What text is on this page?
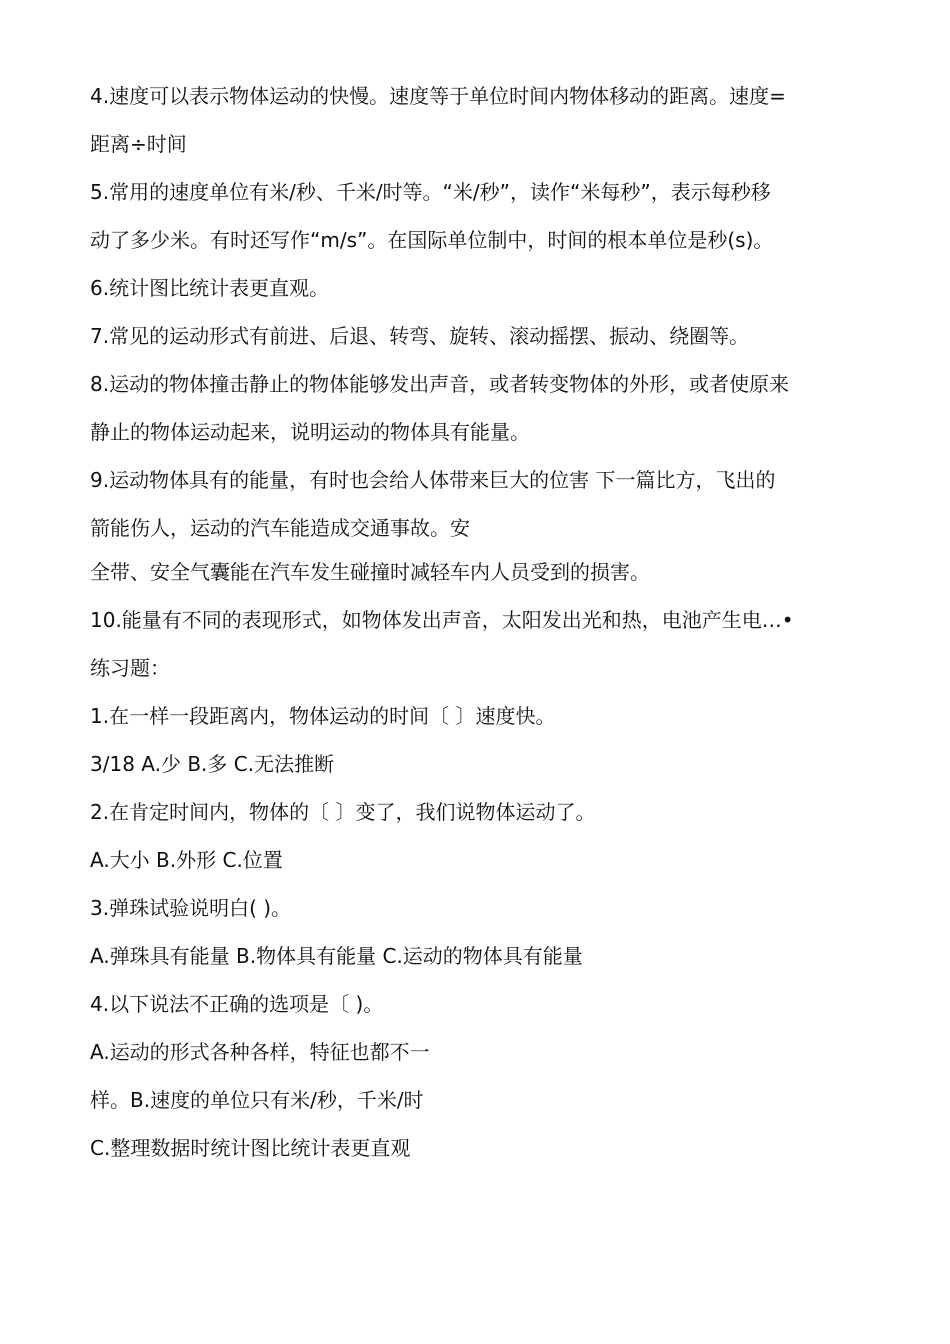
4.速度可以表示物体运动的快慢。速度等于单位时间内物体移动的距离。速度=
距离÷时间
5.常用的速度单位有米/秒、千米/时等。“米/秒”，读作“米每秒”，表示每秒移
动了多少米。有时还写作“m/s”。在国际单位制中，时间的根本单位是秒(s)。
6.统计图比统计表更直观。
7.常见的运动形式有前进、后退、转弯、旋转、滚动摇摆、振动、绕圈等。
8.运动的物体撞击静止的物体能够发出声音，或者转变物体的外形，或者使原来
静止的物体运动起来，说明运动的物体具有能量。
9.运动物体具有的能量，有时也会给人体带来巨大的位害 下一篇比方，飞出的
箭能伤人，运动的汽车能造成交通事故。安
全带、安全气囊能在汽车发生碰撞时减轻车内人员受到的损害。
10.能量有不同的表现形式，如物体发出声音，太阳发出光和热，电池产生电…•
练习题：
1.在一样一段距离内，物体运动的时间〔 〕速度快。
3/18 A.少 B.多 C.无法推断
2.在肯定时间内，物体的〔 〕变了，我们说物体运动了。
A.大小 B.外形 C.位置
3.弹珠试验说明白( )。
A.弹珠具有能量 B.物体具有能量 C.运动的物体具有能量
4.以下说法不正确的选项是〔 )。
A.运动的形式各种各样，特征也都不一
样。B.速度的单位只有米/秒，千米/时
C.整理数据时统计图比统计表更直观
